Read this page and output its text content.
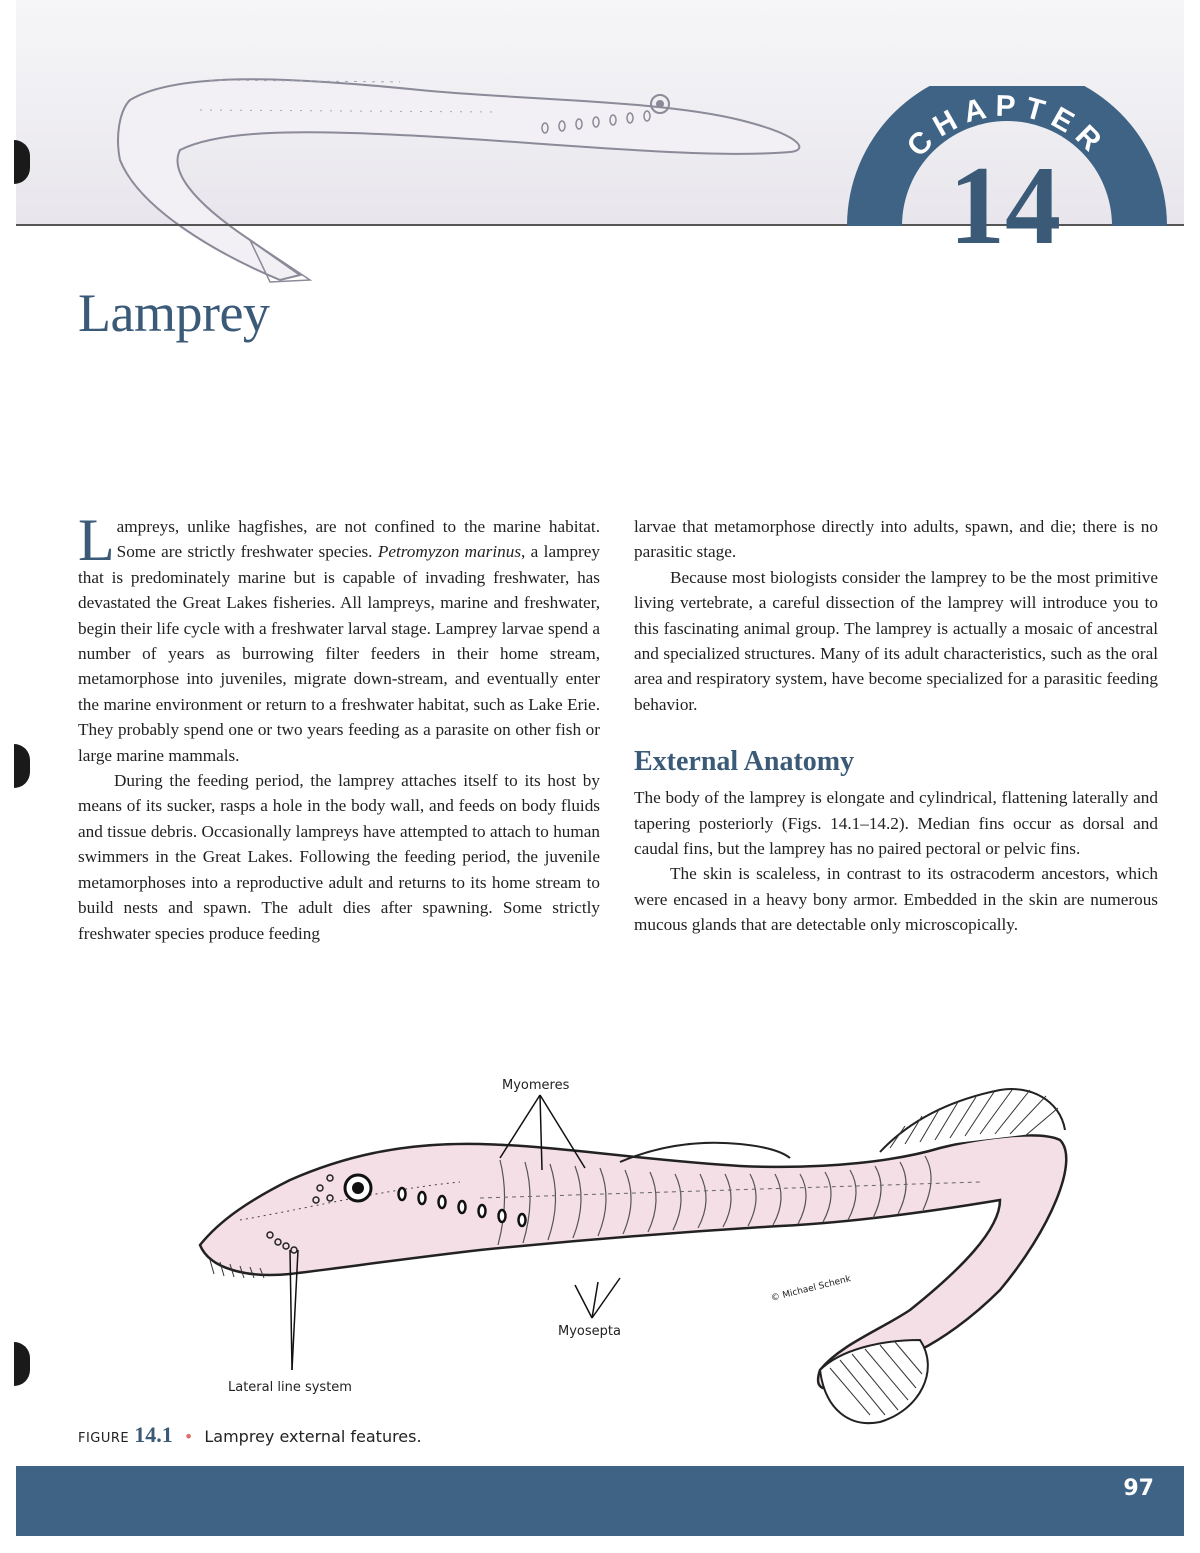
CHAPTER
14
Lamprey

Lampreys, unlike hagfishes, are not confined to the marine habitat. Some are strictly freshwater species. Petromyzon marinus, a lamprey that is predominately marine but is capable of invading freshwater, has devastated the Great Lakes fisheries. All lampreys, marine and freshwater, begin their life cycle with a freshwater larval stage. Lamprey larvae spend a number of years as burrowing filter feeders in their home stream, metamorphose into juveniles, migrate down-stream, and eventually enter the marine environment or return to a freshwater habitat, such as Lake Erie. They probably spend one or two years feeding as a parasite on other fish or large marine mammals.

During the feeding period, the lamprey attaches itself to its host by means of its sucker, rasps a hole in the body wall, and feeds on body fluids and tissue debris. Occasionally lampreys have attempted to attach to human swimmers in the Great Lakes. Following the feeding period, the juvenile metamorphoses into a reproductive adult and returns to its home stream to build nests and spawn. The adult dies after spawning. Some strictly freshwater species produce feeding

larvae that metamorphose directly into adults, spawn, and die; there is no parasitic stage.

Because most biologists consider the lamprey to be the most primitive living vertebrate, a careful dissection of the lamprey will introduce you to this fascinating animal group. The lamprey is actually a mosaic of ancestral and specialized structures. Many of its adult characteristics, such as the oral area and respiratory system, have become specialized for a parasitic feeding behavior.

External Anatomy

The body of the lamprey is elongate and cylindrical, flattening laterally and tapering posteriorly (Figs. 14.1–14.2). Median fins occur as dorsal and caudal fins, but the lamprey has no paired pectoral or pelvic fins.

The skin is scaleless, in contrast to its ostracoderm ancestors, which were encased in a heavy bony armor. Embedded in the skin are numerous mucous glands that are detectable only microscopically.

Myomeres
Myosepta
Lateral line system
© Michael Schenk
FIGURE 14.1 • Lamprey external features.
97
